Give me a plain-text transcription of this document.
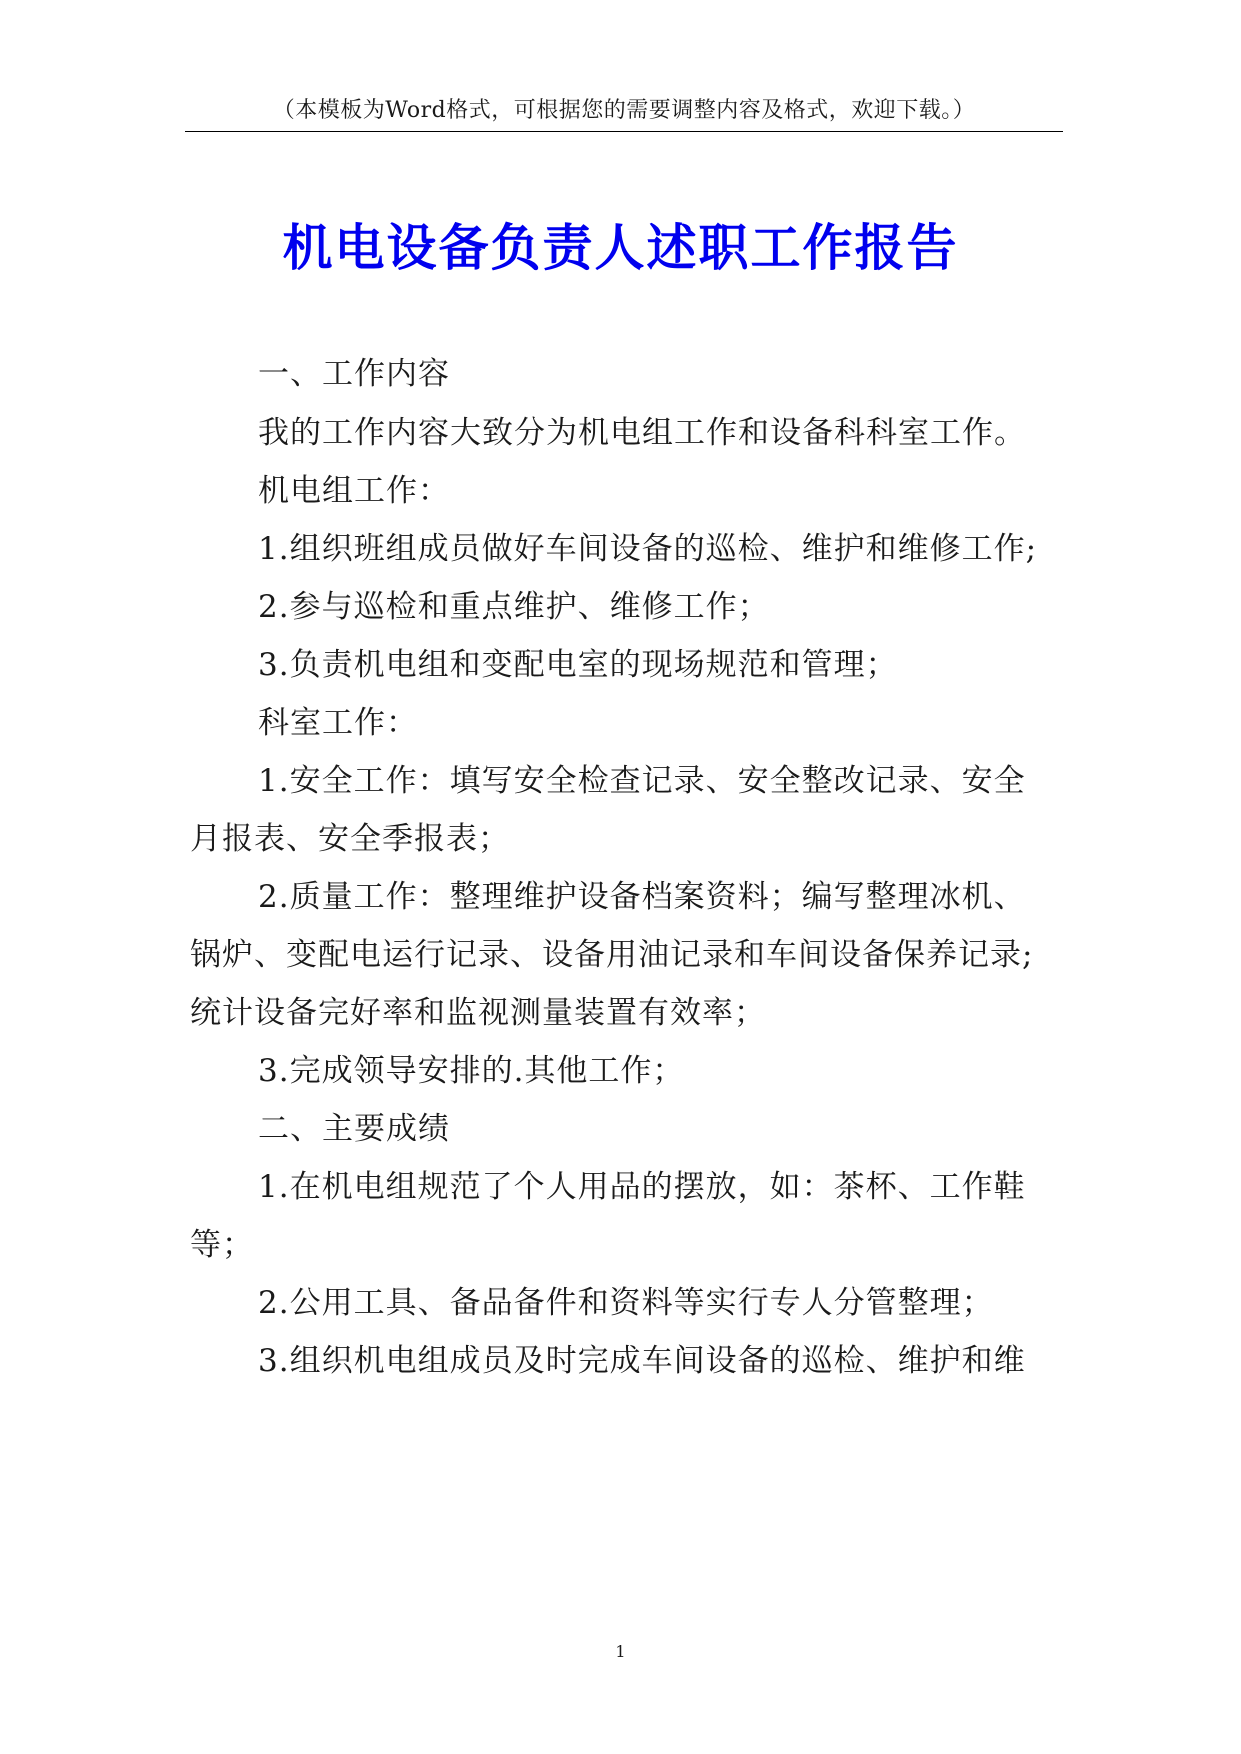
（本模板为Word格式，可根据您的需要调整内容及格式，欢迎下载。）
机电设备负责人述职工作报告
一、工作内容
我的工作内容大致分为机电组工作和设备科科室工作。
机电组工作：
1.组织班组成员做好车间设备的巡检、维护和维修工作;
2.参与巡检和重点维护、维修工作；
3.负责机电组和变配电室的现场规范和管理；
科室工作：
1.安全工作：填写安全检查记录、安全整改记录、安全
月报表、安全季报表；
2.质量工作：整理维护设备档案资料；编写整理冰机、
锅炉、变配电运行记录、设备用油记录和车间设备保养记录;
统计设备完好率和监视测量装置有效率；
3.完成领导安排的.其他工作；
二、主要成绩
1.在机电组规范了个人用品的摆放，如：茶杯、工作鞋
等；
2.公用工具、备品备件和资料等实行专人分管整理；
3.组织机电组成员及时完成车间设备的巡检、维护和维
1
